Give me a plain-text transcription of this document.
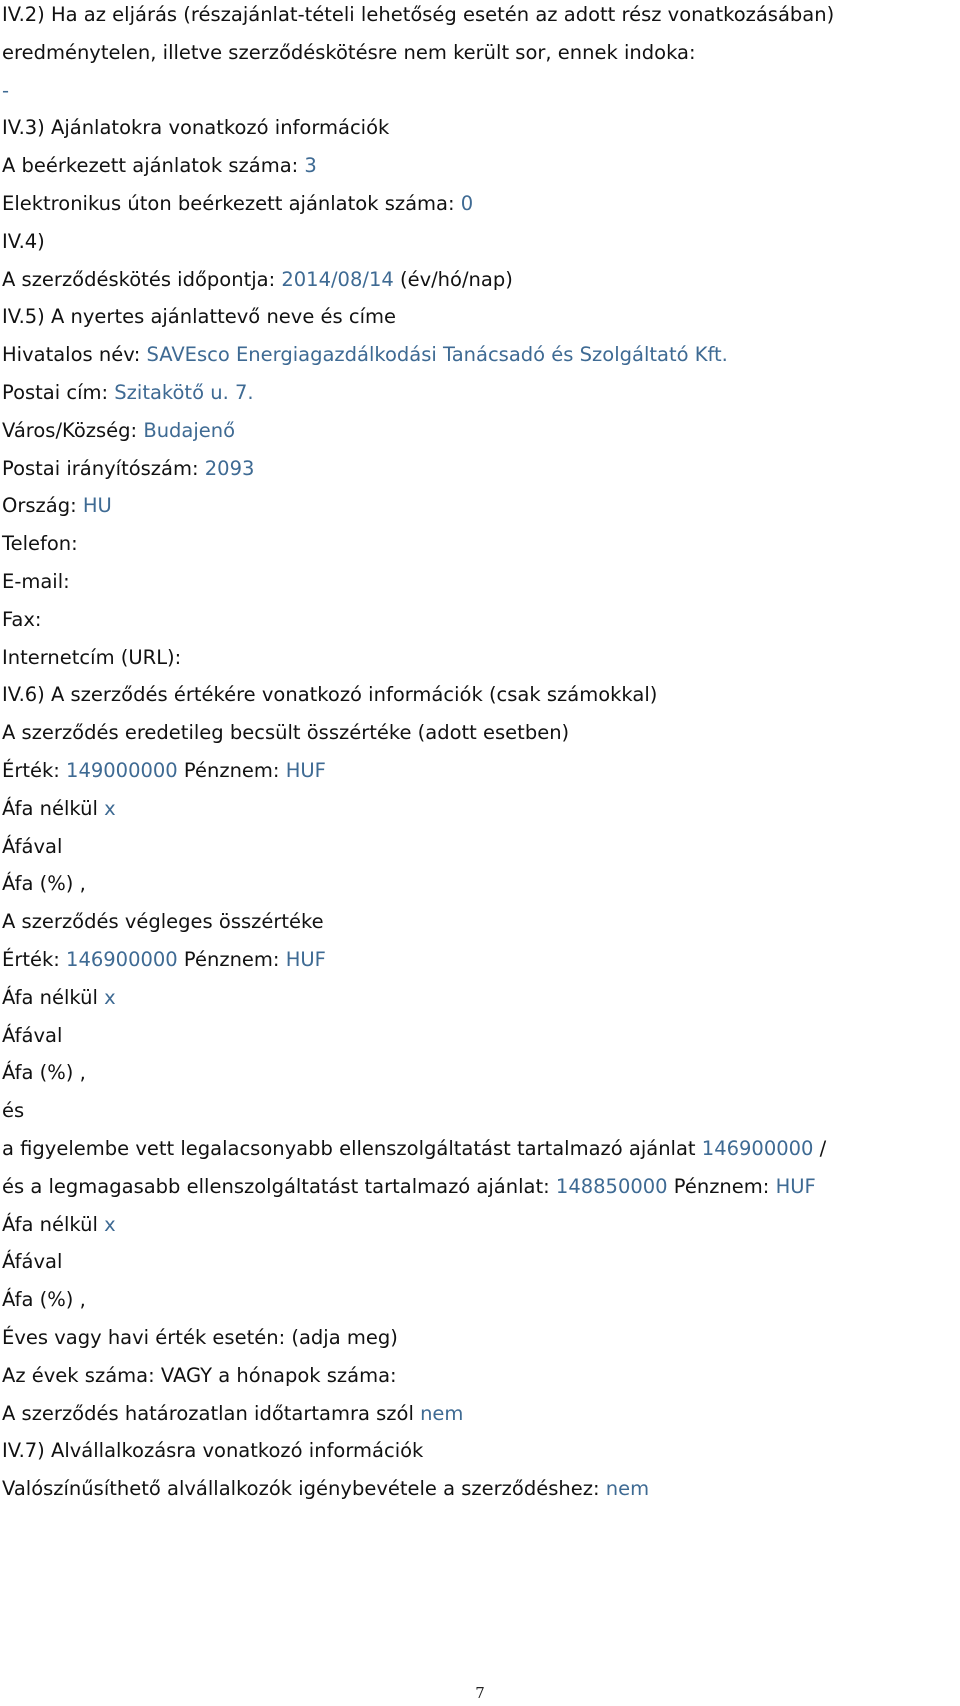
IV.2) Ha az eljárás (részajánlat-tételi lehetőség esetén az adott rész vonatkozásában)
eredménytelen, illetve szerződéskötésre nem került sor, ennek indoka:
-
IV.3) Ajánlatokra vonatkozó információk
A beérkezett ajánlatok száma: 3
Elektronikus úton beérkezett ajánlatok száma: 0
IV.4)
A szerződéskötés időpontja: 2014/08/14 (év/hó/nap)
IV.5) A nyertes ajánlattevő neve és címe
Hivatalos név: SAVEsco Energiagazdálkodási Tanácsadó és Szolgáltató Kft.
Postai cím: Szitakötő u. 7.
Város/Község: Budajenő
Postai irányítószám: 2093
Ország: HU
Telefon:
E-mail:
Fax:
Internetcím (URL):
IV.6) A szerződés értékére vonatkozó információk (csak számokkal)
A szerződés eredetileg becsült összértéke (adott esetben)
Érték: 149000000 Pénznem: HUF
Áfa nélkül x
Áfával
Áfa (%) ,
A szerződés végleges összértéke
Érték: 146900000 Pénznem: HUF
Áfa nélkül x
Áfával
Áfa (%) ,
és
a figyelembe vett legalacsonyabb ellenszolgáltatást tartalmazó ajánlat 146900000 /
és a legmagasabb ellenszolgáltatást tartalmazó ajánlat: 148850000 Pénznem: HUF
Áfa nélkül x
Áfával
Áfa (%) ,
Éves vagy havi érték esetén: (adja meg)
Az évek száma: VAGY a hónapok száma:
A szerződés határozatlan időtartamra szól nem
IV.7) Alvállalkozásra vonatkozó információk
Valószínűsíthető alvállalkozók igénybevétele a szerződéshez: nem
7
